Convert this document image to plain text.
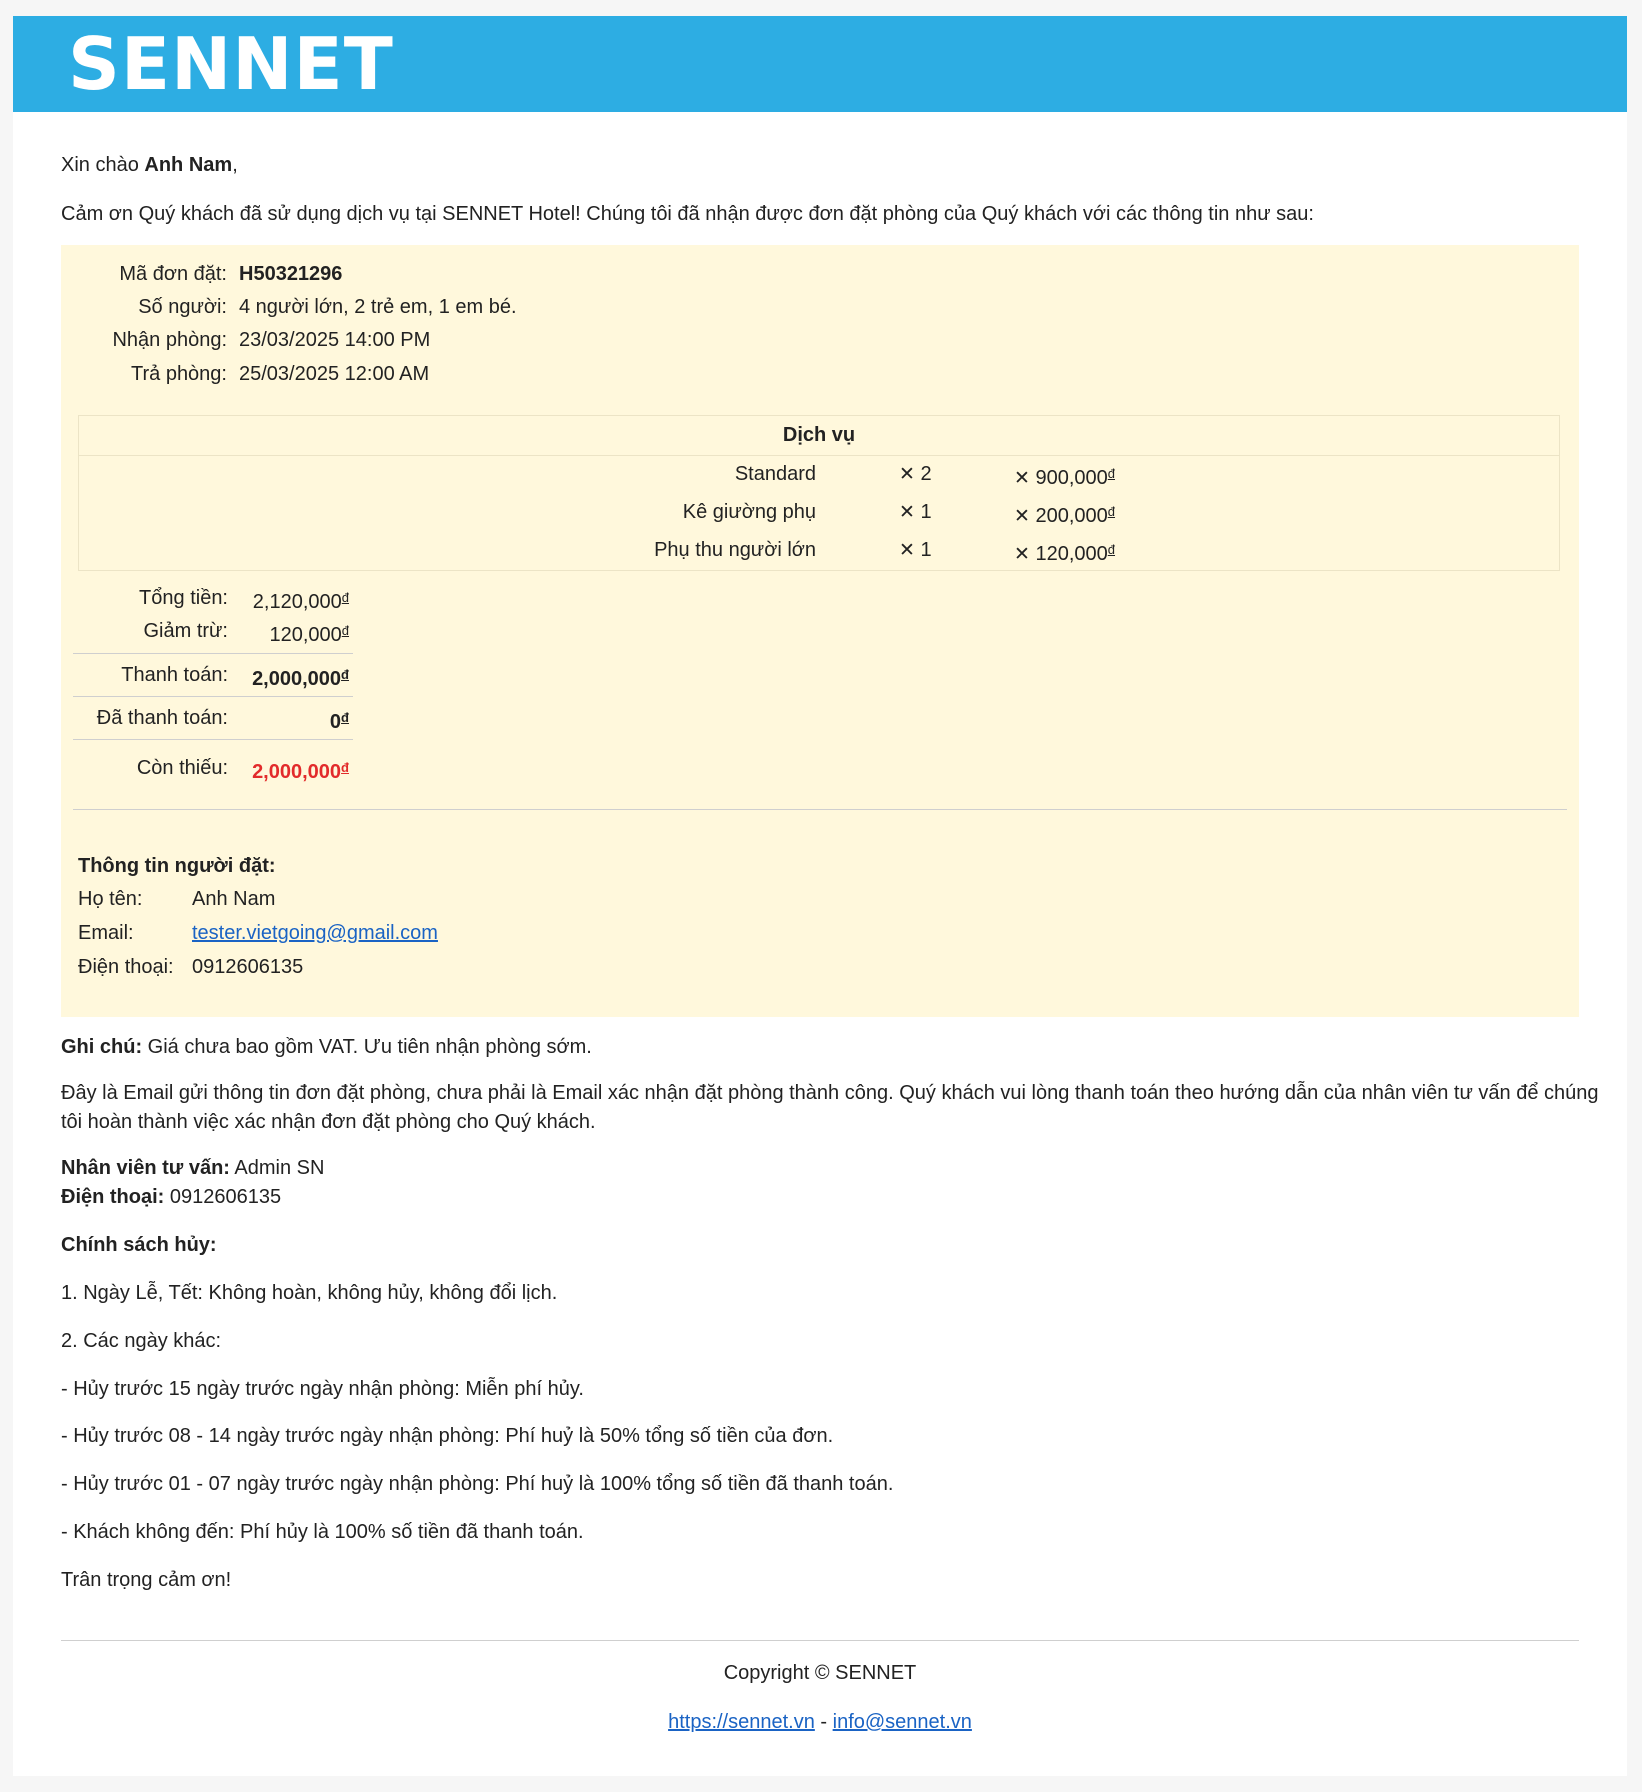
SENNET

Xin chào Anh Nam,

Cảm ơn Quý khách đã sử dụng dịch vụ tại SENNET Hotel! Chúng tôi đã nhận được đơn đặt phòng của Quý khách với các thông tin như sau:

Mã đơn đặt: H50321296
Số người: 4 người lớn, 2 trẻ em, 1 em bé.
Nhận phòng: 23/03/2025 14:00 PM
Trả phòng: 25/03/2025 12:00 AM
Dịch vụ
Standard	✕ 2	✕ $900,000^đ$
Kê giường phụ	✕ 1	✕ $200,000^đ$
Phụ thu người lớn	✕ 1	✕ $120,000^đ$
Tổng tiền: $2,120,000^đ$
Giảm trừ: $120,000^đ$
Thanh toán: $2,000,000^đ$
Đã thanh toán:	$0^đ$
Còn thiếu: $2,000,000^đ$
Thông tin người đặt:
Họ tên: Anh Nam
Email:	tester.vietgoing@gmail.com
Điện thoại: 0912606135

Ghi chú: Giá chưa bao gồm VAT. Ưu tiên nhận phòng sớm.

Đây là Email gửi thông tin đơn đặt phòng, chưa phải là Email xác nhận đặt phòng thành công. Quý khách vui lòng thanh toán theo hướng dẫn của nhân viên tư vấn để chúng

tôi hoàn thành việc xác nhận đơn đặt phòng cho Quý khách.

Nhân viên tư vấn: Admin SN

Điện thoại: 0912606135

Chính sách hủy:

1. Ngày Lễ, Tết: Không hoàn, không hủy, không đổi lịch.

2. Các ngày khác:

- Hủy trước 15 ngày trước ngày nhận phòng: Miễn phí hủy.

- Hủy trước 08 - 14 ngày trước ngày nhận phòng: Phí huỷ là 50% tổng số tiền của đơn.

- Hủy trước 01 - 07 ngày trước ngày nhận phòng: Phí huỷ là 100% tổng số tiền đã thanh toán.

- Khách không đến: Phí hủy là 100% số tiền đã thanh toán.

Trân trọng cảm ơn!

Copyright © SENNET

https://sennet.vn - info@sennet.vn
